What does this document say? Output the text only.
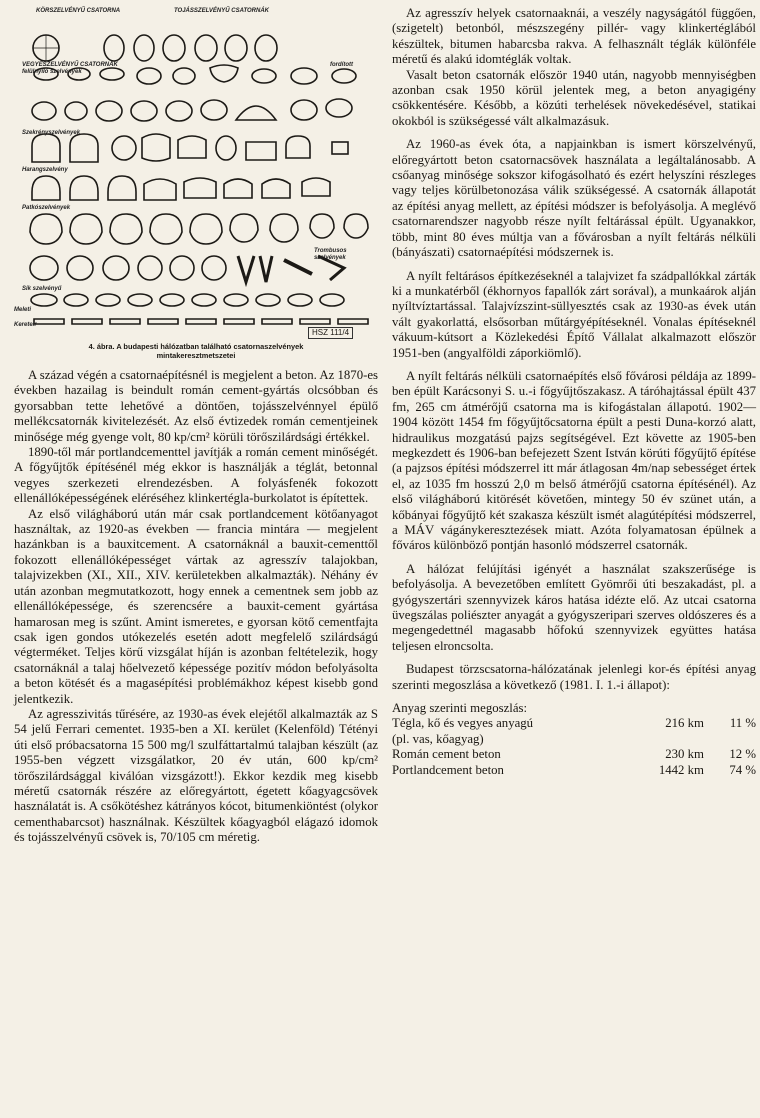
KÖRSZELVÉNYŰ CSATORNA	TOJÁSSZELVÉNYŰ CSATORNÁK
VEGYESZELVÉNYŰ CSATORNÁK
felülnyíló szelvények
fordított
Szekrényszelvények
Harangszelvény
Patkószelvények
Trombusos szelvények
Sík szelvényű
Meleti
Keretelr
HSZ 111/4
4. ábra. A budapesti hálózatban található csatornaszelvények
mintakeresztmetszetei

A század végén a csatornaépítésnél is megjelent a beton. Az 1870-es években hazailag is beindult román cement-gyártás olcsóbban és gyorsabban tette lehetővé a döntően, tojásszelvénnyel épülő mellékcsatornák kivitelezését. Az első évtizedek román cementjeinek minősége még gyenge volt, 80 kp/cm² körüli törőszilárdsági értékkel.

1890-től már portlandcementtel javítják a román cement minőségét. A főgyűjtők építésénél még ekkor is használják a téglát, betonnal vegyes szerkezeti elrendezésben. A folyásfenék fokozott ellenállóképességének eléréséhez klinkertégla-burkolatot is építettek.

Az első világháború után már csak portlandcement kötőanyagot használtak, az 1920-as években — francia mintára — megjelent hazánkban is a bauxitcement. A csatornáknál a bauxit-cementtől fokozott ellenállóképességet vártak az agresszív talajokban, talajvizekben (XI., XII., XIV. kerületekben alkalmazták). Néhány év után azonban megmutatkozott, hogy ennek a cementnek sem jobb az ellenállóképessége, és szerencsére a bauxit-cement gyártása hamarosan meg is szűnt. Amint ismeretes, e gyorsan kötő cementfajta csak igen gondos utókezelés esetén adott megfelelő szilárdságú végterméket. Teljes körű vizsgálat híján is azonban feltételezik, hogy csatornáknál a talaj hőelvezető képessége pozitív módon befolyásolta a beton kötését és a magasépítési problémákhoz képest kisebb gond jelentkezik.

Az agresszivitás tűrésére, az 1930-as évek elejétől alkalmazták az S 54 jelű Ferrari cementet. 1935-ben a XI. kerület (Kelenföld) Tétényi úti első próbacsatorna 15 500 mg/l szulfáttartalmú talajban készült (az 1955-ben végzett vizsgálatkor, 20 év után, 600 kp/cm² törőszilárdsággal kiválóan vizsgázott!). Ekkor kezdik meg kisebb méretű csatornák részére az előregyártott, égetett kőagyagcsövek használatát is. A csőkötéshez kátrányos kócot, bitumenkiöntést (olykor cementhabarcsot) használnak. Készültek kőagyagból elágazó idomok és tojásszelvényű csövek is, 70/105 cm méretig.

Az agresszív helyek csatornaaknái, a veszély nagyságától függően, (szigetelt) betonból, mészszegény pillér- vagy klinkertéglából készültek, bitumen habarcsba rakva. A felhasznált téglák különféle méretű és alakú idomtéglák voltak.

Vasalt beton csatornák először 1940 után, nagyobb mennyiségben azonban csak 1950 körül jelentek meg, a beton anyagigény csökkentésére. Később, a közúti terhelések növekedésével, statikai okokból is szükségessé vált alkalmazásuk.

Az 1960-as évek óta, a napjainkban is ismert körszelvényű, előregyártott beton csatornacsövek használata a legáltalánosabb. A csőanyag minősége sokszor kifogásolható és ezért helyszíni részleges vagy teljes körülbetonozása válik szükségessé. A csatornák állapotát az építési anyag mellett, az építési módszer is befolyásolja. A meglévő csatornarendszer nagyobb része nyílt feltárással épült. Ugyanakkor, több, mint 80 éves múltja van a fővárosban a nyílt feltárás nélküli (bányászati) csatornaépítési módszernek is.

A nyílt feltárásos építkezéseknél a talajvizet fa szádpallókkal zárták ki a munkatérből (ékhornyos fapallók zárt sorával), a munkaárok alján nyíltvíztartással. Talajvízszint-süllyesztés csak az 1930-as évek után vált gyakorlattá, elsősorban műtárgyépítéseknél. Vonalas építéseknél vákuum-kútsort a Közlekedési Építő Vállalat alkalmazott először 1951-ben (angyalföldi záporkiömlő).

A nyílt feltárás nélküli csatornaépítés első fővárosi példája az 1899-ben épült Karácsonyi S. u.-i főgyűjtőszakasz. A táróhajtással épült 437 fm, 265 cm átmérőjű csatorna ma is kifogástalan állapotú. 1902—1904 között 1454 fm főgyűjtőcsatorna épült a pesti Duna-korzó alatt, hidraulikus mozgatású pajzs segítségével. Ezt követte az 1905-ben megkezdett és 1906-ban befejezett Szent István körúti főgyűjtő építése (a pajzsos építési módszerrel itt már átlagosan 4m/nap sebességet értek el, az 1035 fm hosszú 2,0 m belső átmérőjű csatorna építésénél). Az első világháború kitörését követően, mintegy 50 év szünet után, a kőbányai főgyűjtő két szakasza készült ismét alagútépítési módszerrel, a MÁV vágánykeresztezések miatt. Azóta folyamatosan épülnek a főváros különböző pontján hasonló módszerrel csatornák.

A hálózat felújítási igényét a használat szakszerűsége is befolyásolja. A bevezetőben említett Gyömrői úti beszakadást, pl. a gyógyszertári szennyvizek káros hatása idézte elő. Az utcai csatorna üvegszálas poliészter anyagát a gyógyszeripari szerves oldószeres és a megengedettnél magasabb hőfokú szennyvizek együttes hatása teljesen elroncsolta.

Budapest törzscsatorna-hálózatának jelenlegi kor-és építési anyag szerinti megoszlása a következő (1981. I. 1.-i állapot):

Anyag szerinti megoszlás:
Tégla, kő és vegyes anyagú	216 km	11 %
(pl. vas, kőagyag)
Román cement beton	230 km	12 %
Portlandcement beton	1442 km	74 %
